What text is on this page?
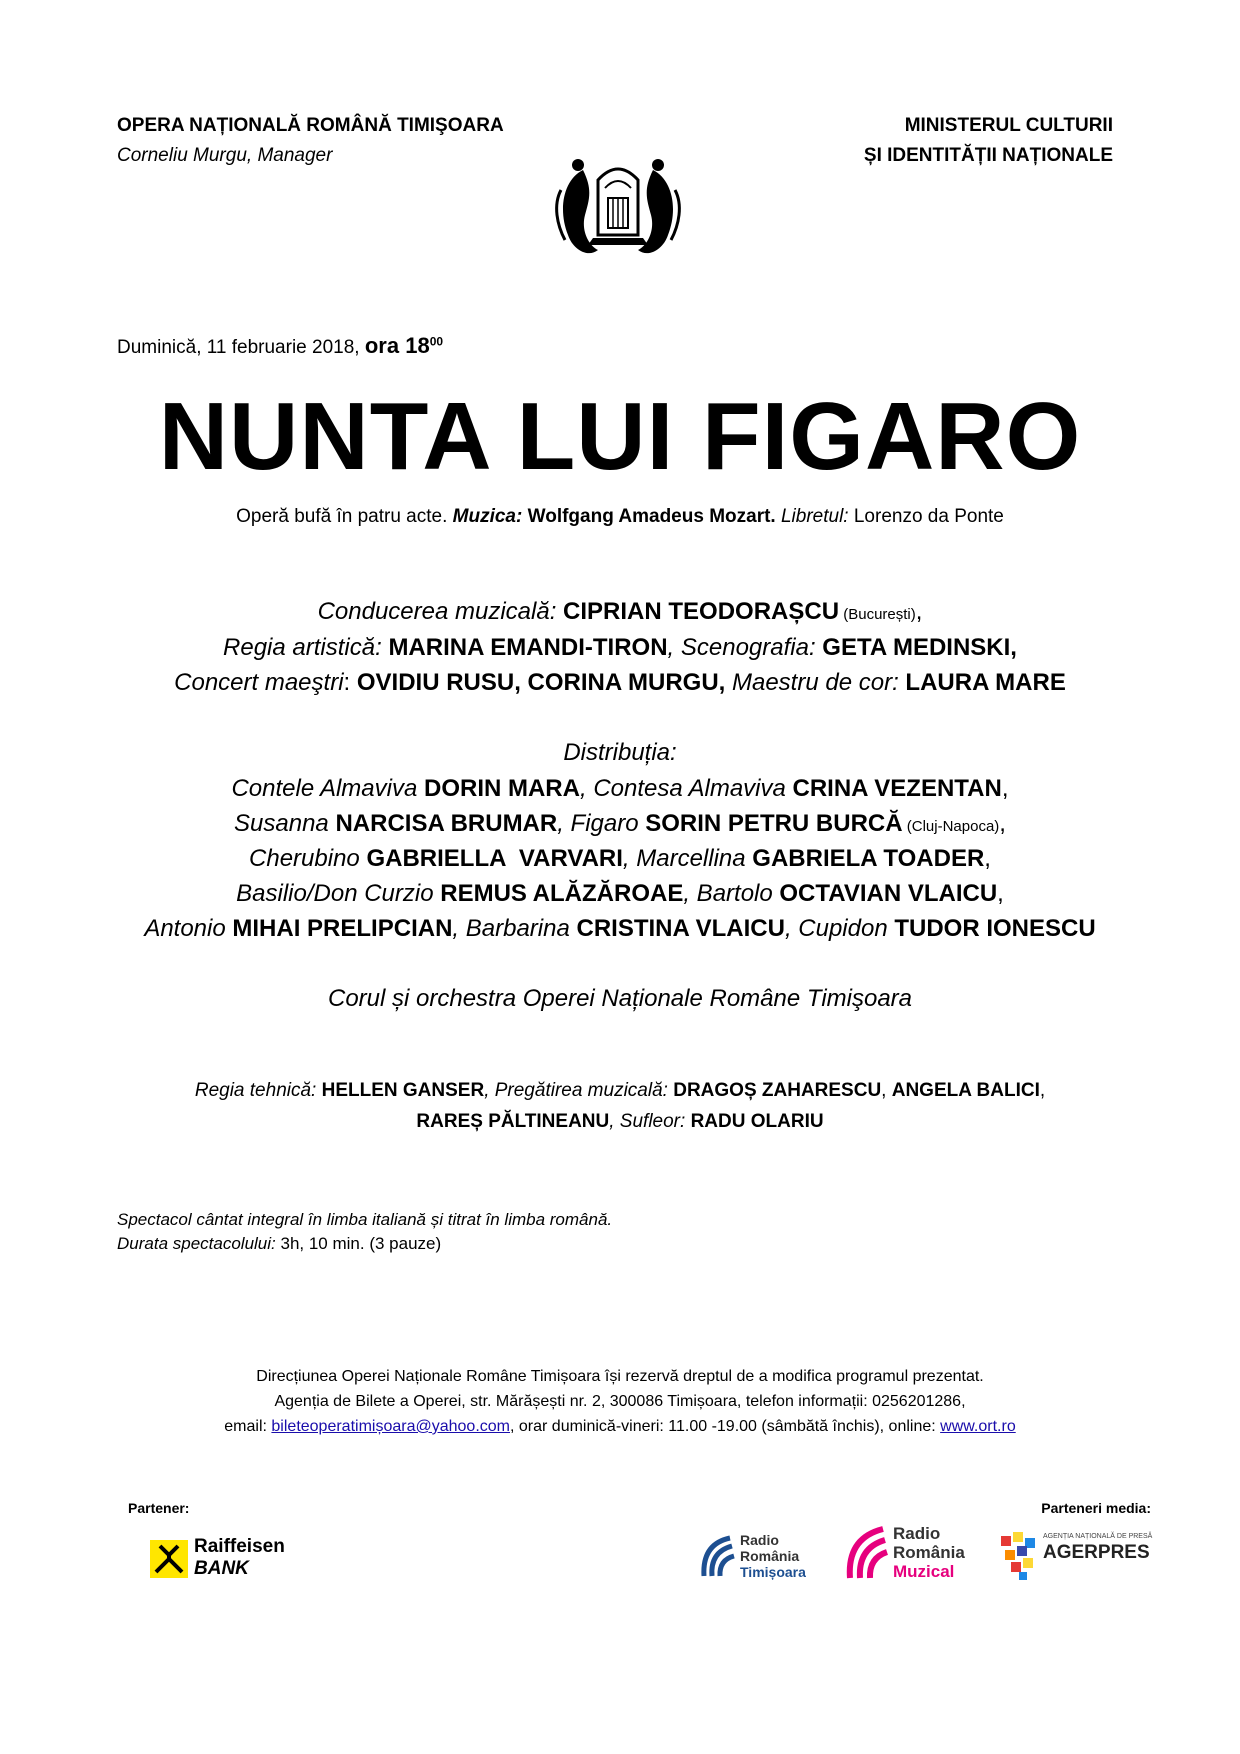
OPERA NAȚIONALĂ ROMÂNĂ TIMIŞOARA
Corneliu Murgu, Manager
MINISTERUL CULTURII
ȘI IDENTITĂȚII NAȚIONALE
Duminică, 11 februarie 2018, ora $18^{00}$
NUNTA LUI FIGARO
Operă bufă în patru acte. Muzica: Wolfgang Amadeus Mozart. Libretul: Lorenzo da Ponte
Conducerea muzicală: CIPRIAN TEODORAȘCU (București),
Regia artistică: MARINA EMANDI-TIRON, Scenografia: GETA MEDINSKI,
Concert maeştri: OVIDIU RUSU, CORINA MURGU, Maestru de cor: LAURA MARE
Distribuția:
Contele Almaviva DORIN MARA, Contesa Almaviva CRINA VEZENTAN,
Susanna NARCISA BRUMAR, Figaro SORIN PETRU BURCĂ (Cluj-Napoca),
Cherubino GABRIELLA  VARVARI, Marcellina GABRIELA TOADER,
Basilio/Don Curzio REMUS ALĂZĂROAE, Bartolo OCTAVIAN VLAICU,
Antonio MIHAI PRELIPCIAN, Barbarina CRISTINA VLAICU, Cupidon TUDOR IONESCU
Corul și orchestra Operei Naționale Române Timişoara
Regia tehnică: HELLEN GANSER, Pregătirea muzicală: DRAGOȘ ZAHARESCU, ANGELA BALICI,
RAREȘ PĂLTINEANU, Sufleor: RADU OLARIU
Spectacol cântat integral în limba italiană și titrat în limba română.
Durata spectacolului: 3h, 10 min. (3 pauze)
Direcțiunea Operei Naționale Române Timișoara își rezervă dreptul de a modifica programul prezentat.
Agenția de Bilete a Operei, str. Mărășești nr. 2, 300086 Timișoara, telefon informații: 0256201286,
email: bileteoperatimișoara@yahoo.com, orar duminică-vineri: 11.00 -19.00 (sâmbătă închis), online: www.ort.ro
Partener:	Parteneri media:
Raiffeisen
BANK
Radio
România
Timișoara
Radio
România
Muzical
AGENȚIA NAȚIONALĂ DE PRESĂ
AGERPRES
